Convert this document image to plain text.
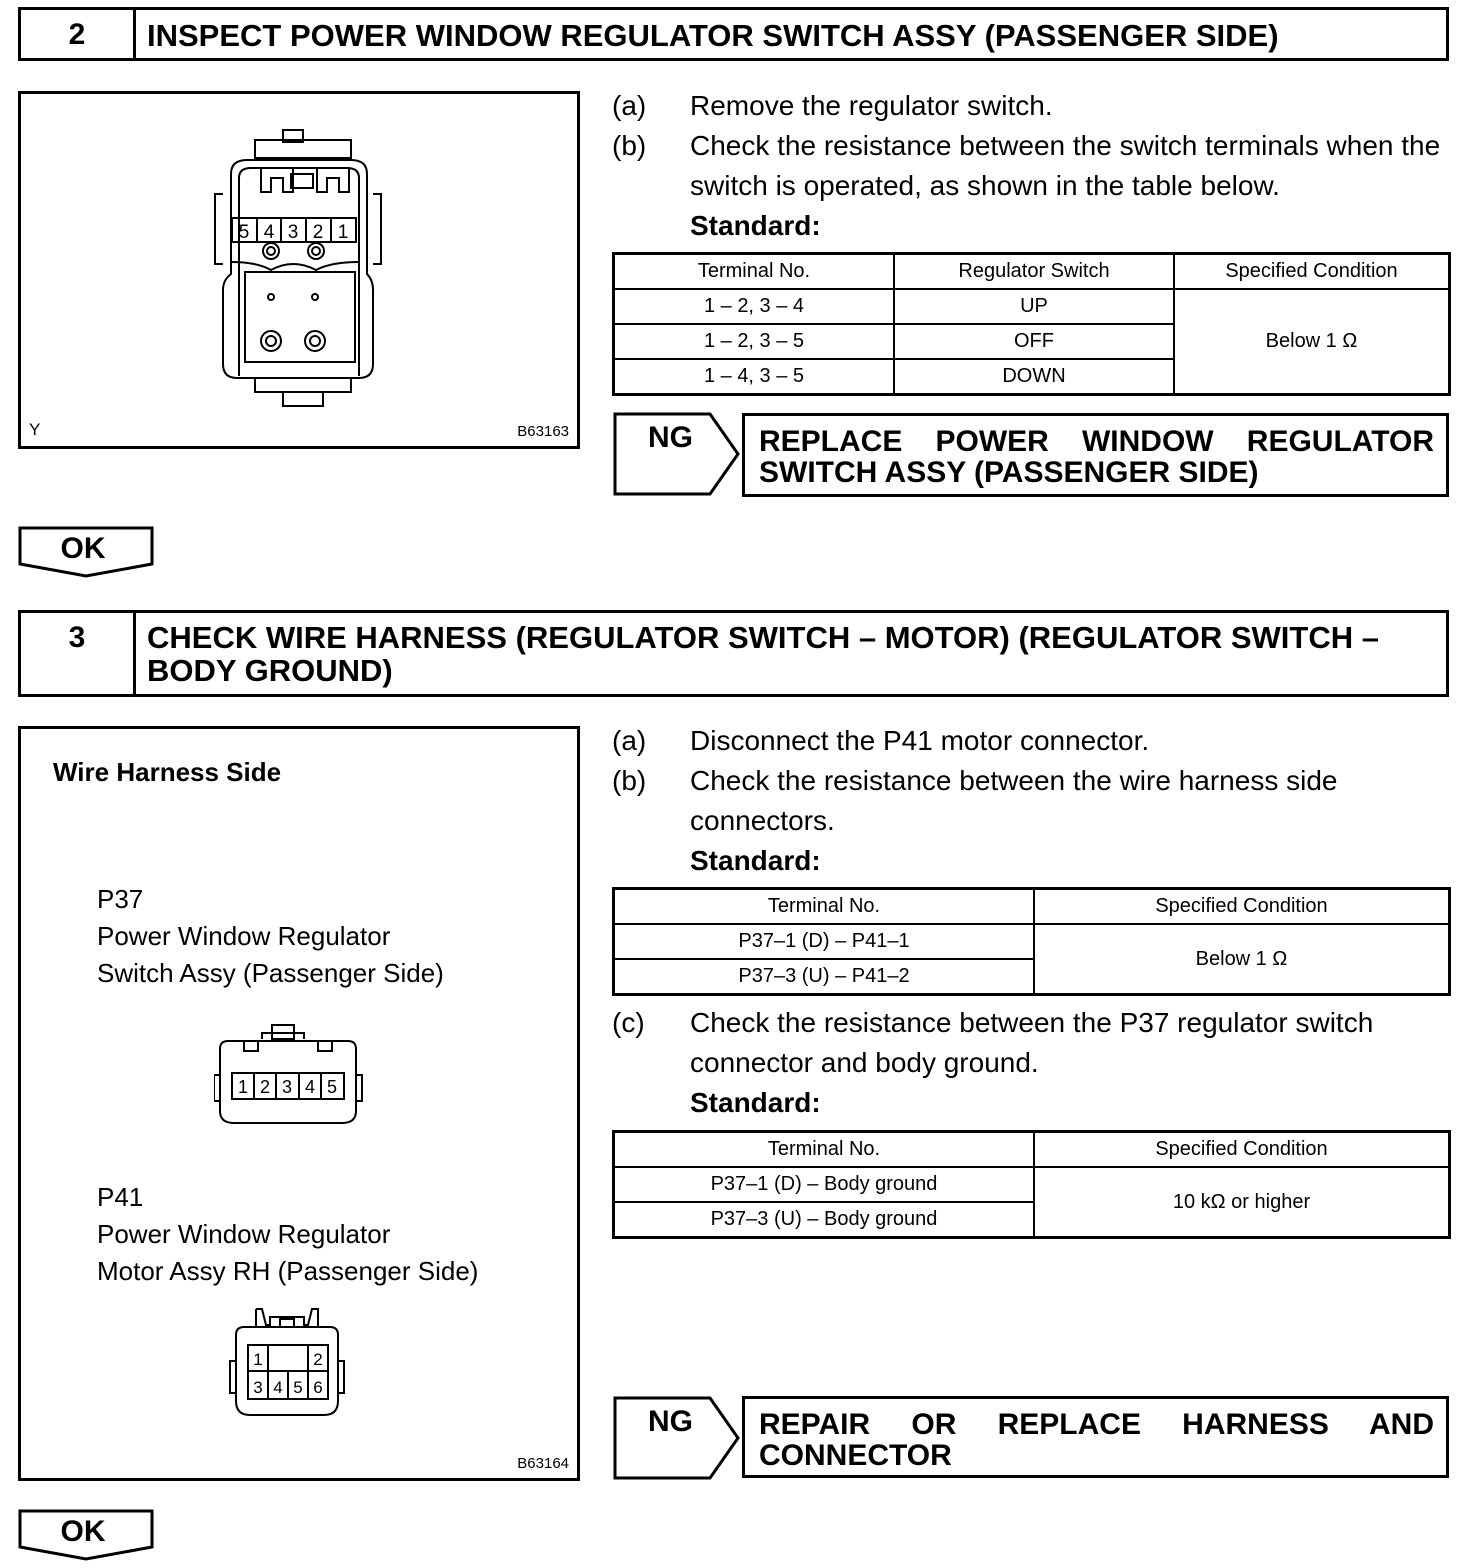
2	INSPECT POWER WINDOW REGULATOR SWITCH ASSY (PASSENGER SIDE)
5 4 3 2 1
Y	B63163
(a) Remove the regulator switch.
(b) Check the resistance between the switch terminals when the switch is operated, as shown in the table below.
Standard:
Terminal No.	Regulator Switch	Specified Condition
1 – 2, 3 – 4	UP	Below 1 Ω
1 – 2, 3 – 5	OFF	
1 – 4, 3 – 5	DOWN	
NG	REPLACE POWER WINDOW REGULATOR SWITCH ASSY (PASSENGER SIDE)
OK
3	CHECK WIRE HARNESS (REGULATOR SWITCH – MOTOR) (REGULATOR SWITCH – BODY GROUND)
Wire Harness Side
P37
Power Window Regulator
Switch Assy (Passenger Side)
1 2 3 4 5
P41
Power Window Regulator
Motor Assy RH (Passenger Side)
1	2
3 4 5 6
B63164
(a) Disconnect the P41 motor connector.
(b) Check the resistance between the wire harness side connectors.
Standard:
Terminal No.	Specified Condition
P37–1 (D) – P41–1	Below 1 Ω
P37–3 (U) – P41–2	
(c) Check the resistance between the P37 regulator switch connector and body ground.
Standard:
Terminal No.	Specified Condition
P37–1 (D) – Body ground	10 kΩ or higher
P37–3 (U) – Body ground	
NG	REPAIR OR REPLACE HARNESS AND CONNECTOR
OK
